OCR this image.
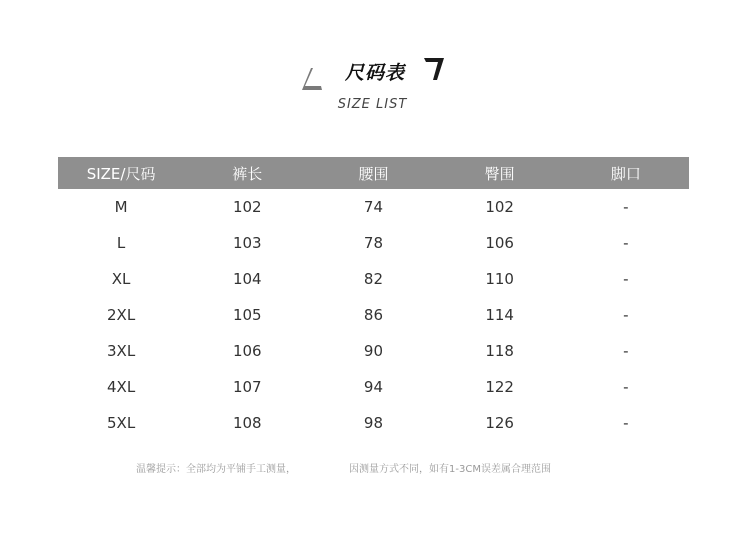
尺码表
SIZE LIST
SIZE/尺码	裤长	腰围	臀围	脚口
M	102	74	102	-
L	103	78	106	-
XL	104	82	110	-
2XL	105	86	114	-
3XL	106	90	118	-
4XL	107	94	122	-
5XL	108	98	126	-
温馨提示：全部均为平铺手工测量，	因测量方式不同，如有1-3CM误差属合理范围
